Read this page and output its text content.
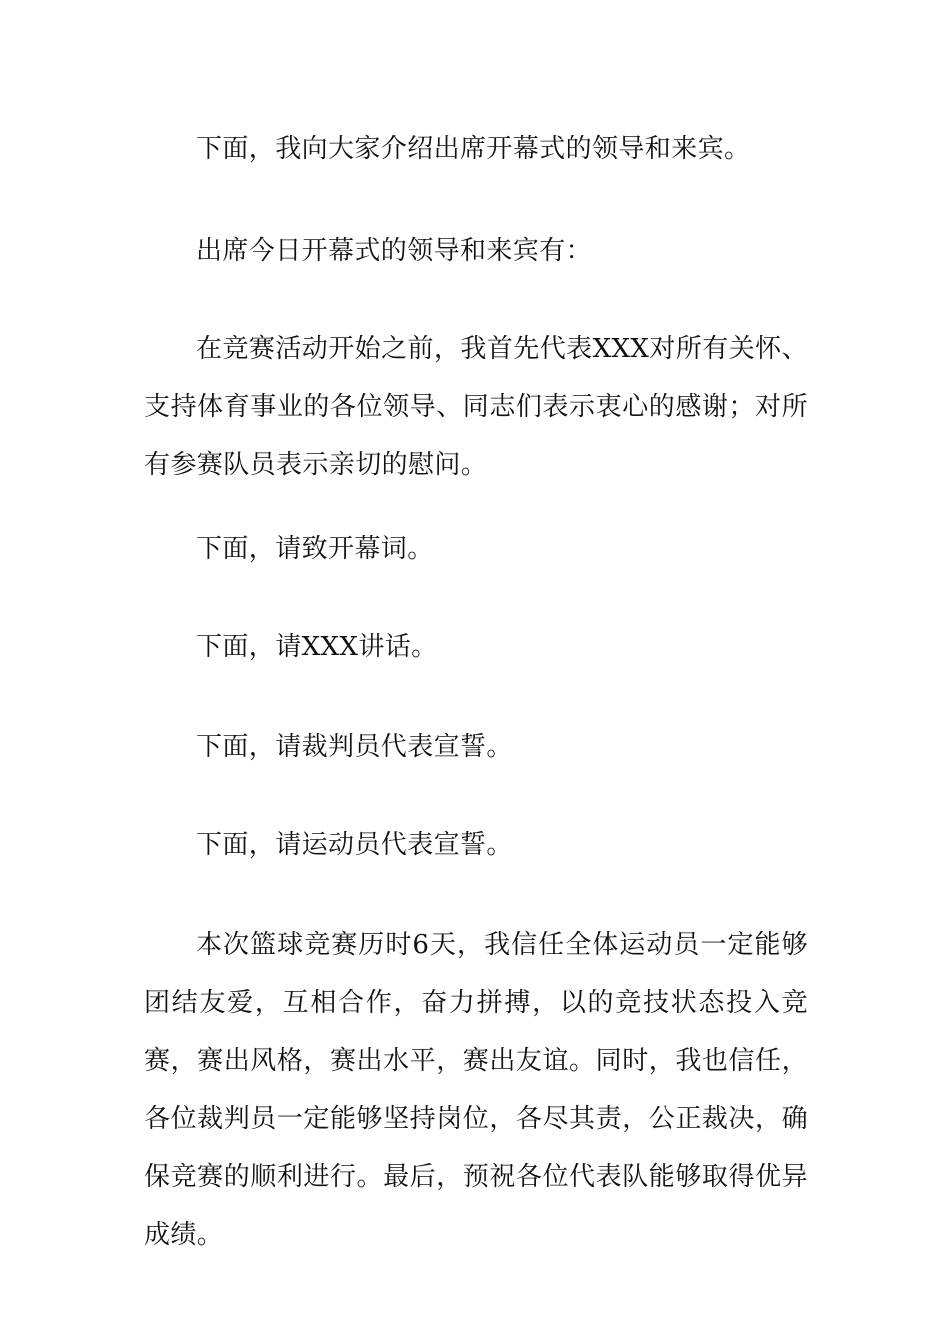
下面，我向大家介绍出席开幕式的领导和来宾。

出席今日开幕式的领导和来宾有：

在竞赛活动开始之前，我首先代表XXX对所有关怀、支持体育事业的各位领导、同志们表示衷心的感谢；对所有参赛队员表示亲切的慰问。

下面，请致开幕词。

下面，请XXX讲话。

下面，请裁判员代表宣誓。

下面，请运动员代表宣誓。

本次篮球竞赛历时6天，我信任全体运动员一定能够团结友爱，互相合作，奋力拼搏，以的竞技状态投入竞赛，赛出风格，赛出水平，赛出友谊。同时，我也信任，各位裁判员一定能够坚持岗位，各尽其责，公正裁决，确保竞赛的顺利进行。最后，预祝各位代表队能够取得优异成绩。
